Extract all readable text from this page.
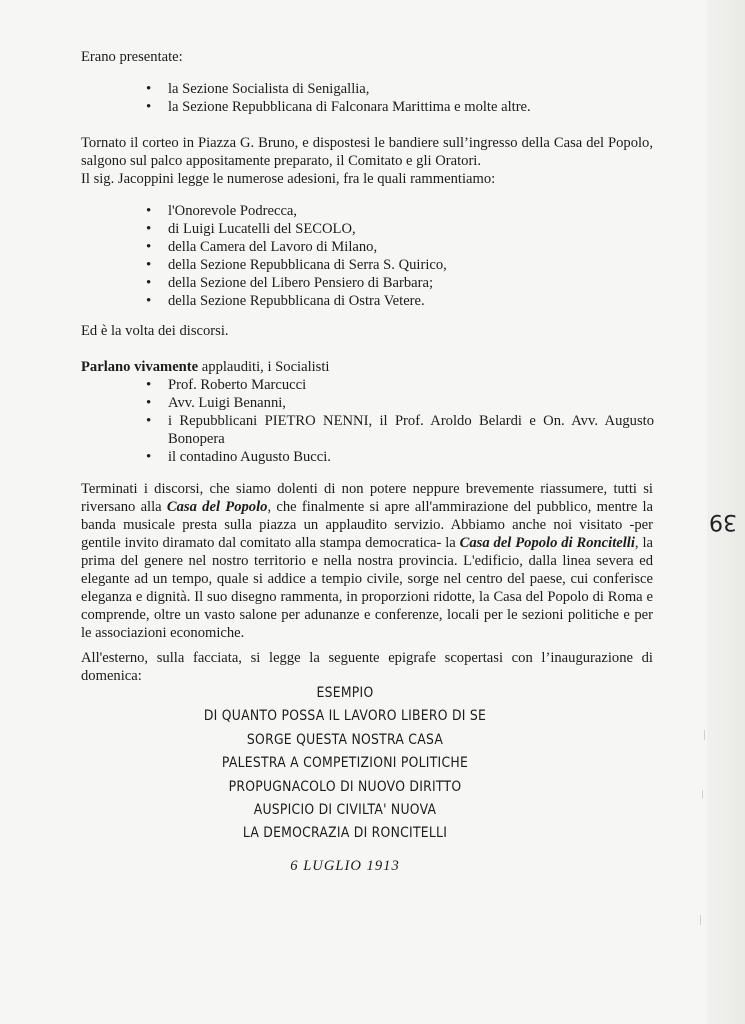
Erano presentate:

• la Sezione Socialista di Senigallia,
• la Sezione Repubblicana di Falconara Marittima e molte altre.

Tornato il corteo in Piazza G. Bruno, e dispostesi le bandiere sull’ingresso della Casa del Popolo, salgono sul palco appositamente preparato, il Comitato e gli Oratori.

Il sig. Jacoppini legge le numerose adesioni, fra le quali rammentiamo:

• l'Onorevole Podrecca,
• di Luigi Lucatelli del SECOLO,
• della Camera del Lavoro di Milano,
• della Sezione Repubblicana di Serra S. Quirico,
• della Sezione del Libero Pensiero di Barbara;
• della Sezione Repubblicana di Ostra Vetere.

Ed è la volta dei discorsi.

Parlano vivamente applauditi, i Socialisti

• Prof. Roberto Marcucci
• Avv. Luigi Benanni,
• i Repubblicani PIETRO NENNI, il Prof. Aroldo Belardi e On. Avv. Augusto Bonopera
• il contadino Augusto Bucci.

Terminati i discorsi, che siamo dolenti di non potere neppure brevemente riassumere, tutti si riversano alla Casa del Popolo, che finalmente si apre all'ammirazione del pubblico, mentre la banda musicale presta sulla piazza un applaudito servizio. Abbiamo anche noi visitato -per gentile invito diramato dal comitato alla stampa democratica- la Casa del Popolo di Roncitelli, la prima del genere nel nostro territorio e nella nostra provincia. L'edificio, dalla linea severa ed elegante ad un tempo, quale si addice a tempio civile, sorge nel centro del paese, cui conferisce eleganza e dignità. Il suo disegno rammenta, in proporzioni ridotte, la Casa del Popolo di Roma e comprende, oltre un vasto salone per adunanze e conferenze, locali per le sezioni politiche e per le associazioni economiche.

All'esterno, sulla facciata, si legge la seguente epigrafe scopertasi con l’inaugurazione di domenica:

ESEMPIO
DI QUANTO POSSA IL LAVORO LIBERO DI SE
SORGE QUESTA NOSTRA CASA
PALESTRA A COMPETIZIONI POLITICHE
PROPUGNACOLO DI NUOVO DIRITTO
AUSPICIO DI CIVILTA' NUOVA
LA DEMOCRAZIA DI RONCITELLI
6 LUGLIO 1913
39
